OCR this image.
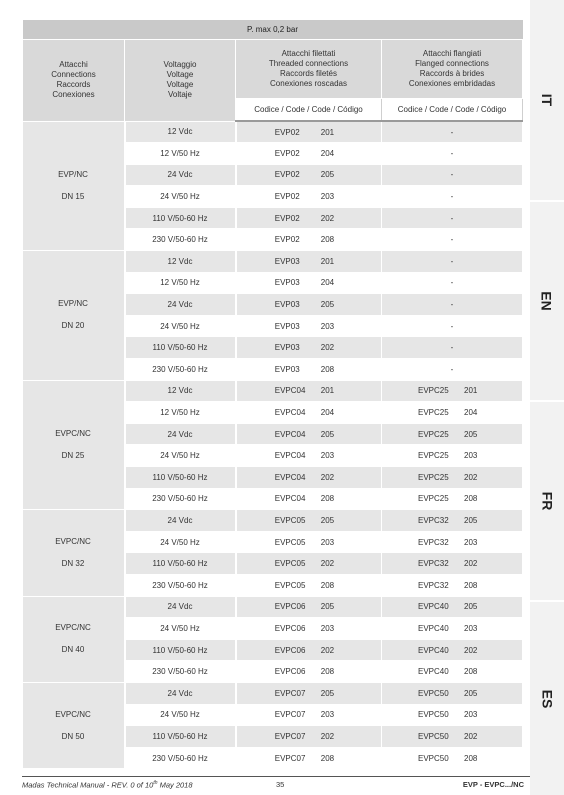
IT
EN
FR
ES
P. max 0,2 bar			

Attacchi
Connections
Raccords
Conexiones	Voltaggio
Voltage
Voltage
Voltaje	Attacchi filettati
Threaded connections
Raccords filetés
Conexiones roscadas	Attacchi flangiati
Flanged connections
Raccords à brides
Conexiones embridadas

		Codice / Code / Code / Código	Codice / Code / Code / Código

EVP/NC
DN 15	12 Vdc	EVP02 201	-
	12 V/50 Hz	EVP02 204	-
	24 Vdc	EVP02 205	-
	24 V/50 Hz	EVP02 203	-
	110 V/50-60 Hz	EVP02 202	-
	230 V/50-60 Hz	EVP02 208	-

EVP/NC
DN 20	12 Vdc	EVP03 201	-
	12 V/50 Hz	EVP03 204	-
	24 Vdc	EVP03 205	-
	24 V/50 Hz	EVP03 203	-
	110 V/50-60 Hz	EVP03 202	-
	230 V/50-60 Hz	EVP03 208	-

EVPC/NC
DN 25	12 Vdc	EVPC04 201	EVPC25 201
	12 V/50 Hz	EVPC04 204	EVPC25 204
	24 Vdc	EVPC04 205	EVPC25 205
	24 V/50 Hz	EVPC04 203	EVPC25 203
	110 V/50-60 Hz	EVPC04 202	EVPC25 202
	230 V/50-60 Hz	EVPC04 208	EVPC25 208

EVPC/NC
DN 32	24 Vdc	EVPC05 205	EVPC32 205
	24 V/50 Hz	EVPC05 203	EVPC32 203
	110 V/50-60 Hz	EVPC05 202	EVPC32 202
	230 V/50-60 Hz	EVPC05 208	EVPC32 208

EVPC/NC
DN 40	24 Vdc	EVPC06 205	EVPC40 205
	24 V/50 Hz	EVPC06 203	EVPC40 203
	110 V/50-60 Hz	EVPC06 202	EVPC40 202
	230 V/50-60 Hz	EVPC06 208	EVPC40 208

EVPC/NC
DN 50	24 Vdc	EVPC07 205	EVPC50 205
	24 V/50 Hz	EVPC07 203	EVPC50 203
	110 V/50-60 Hz	EVPC07 202	EVPC50 202
	230 V/50-60 Hz	EVPC07 208	EVPC50 208
Madas Technical Manual - REV. 0 of 10th May 2018	35	EVP - EVPC.../NC
